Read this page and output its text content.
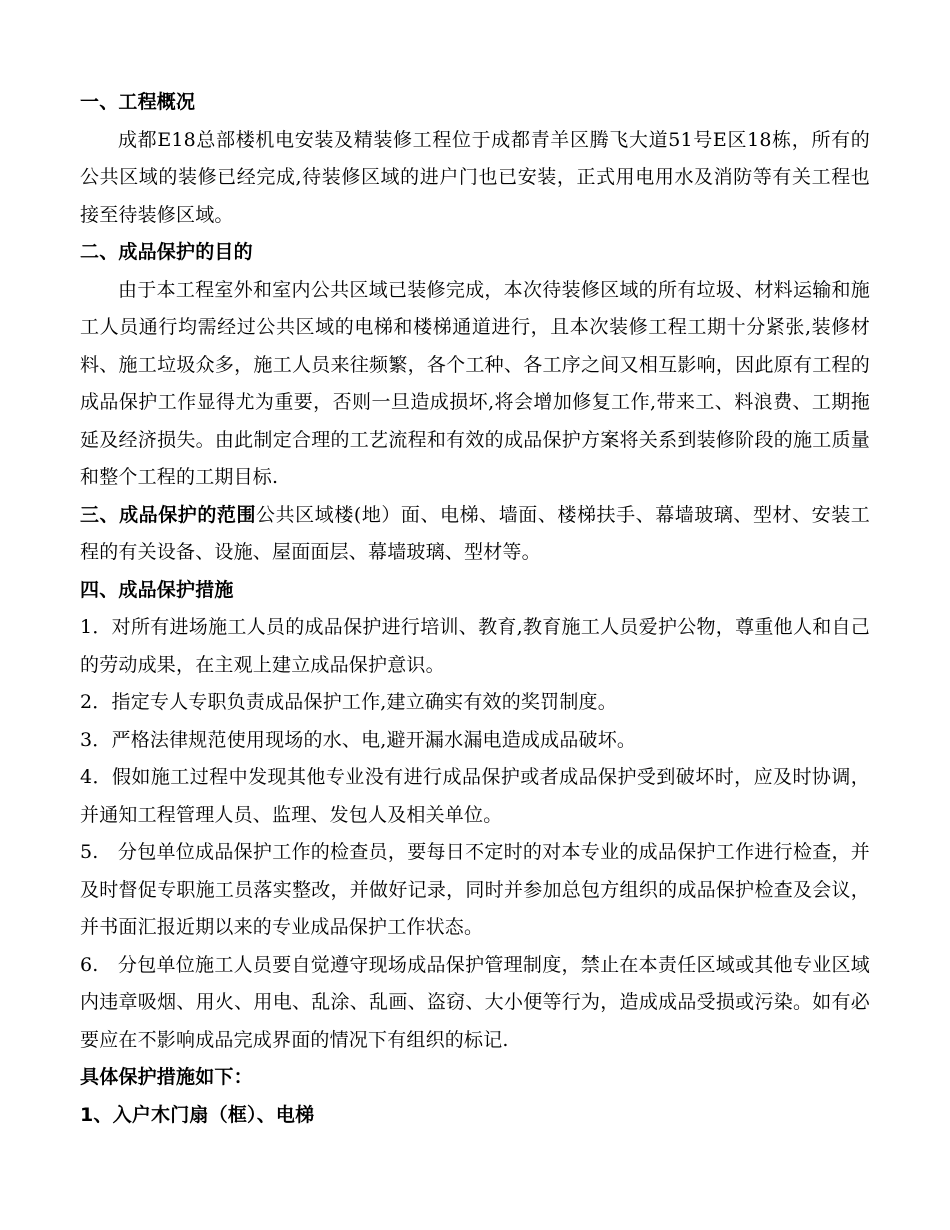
一、工程概况
成都E18总部楼机电安装及精装修工程位于成都青羊区腾飞大道51号E区18栋，所有的公共区域的装修已经完成,待装修区域的进户门也已安装，正式用电用水及消防等有关工程也接至待装修区域。
二、成品保护的目的
由于本工程室外和室内公共区域已装修完成，本次待装修区域的所有垃圾、材料运输和施工人员通行均需经过公共区域的电梯和楼梯通道进行，且本次装修工程工期十分紧张,装修材料、施工垃圾众多，施工人员来往频繁，各个工种、各工序之间又相互影响，因此原有工程的成品保护工作显得尤为重要，否则一旦造成损坏,将会增加修复工作,带来工、料浪费、工期拖延及经济损失。由此制定合理的工艺流程和有效的成品保护方案将关系到装修阶段的施工质量和整个工程的工期目标.
三、成品保护的范围公共区域楼(地）面、电梯、墙面、楼梯扶手、幕墙玻璃、型材、安装工程的有关设备、设施、屋面面层、幕墙玻璃、型材等。
四、成品保护措施
1．对所有进场施工人员的成品保护进行培训、教育,教育施工人员爱护公物，尊重他人和自己的劳动成果，在主观上建立成品保护意识。
2．指定专人专职负责成品保护工作,建立确实有效的奖罚制度。
3．严格法律规范使用现场的水、电,避开漏水漏电造成成品破坏。
4．假如施工过程中发现其他专业没有进行成品保护或者成品保护受到破坏时，应及时协调，并通知工程管理人员、监理、发包人及相关单位。
5.　分包单位成品保护工作的检查员，要每日不定时的对本专业的成品保护工作进行检查，并及时督促专职施工员落实整改，并做好记录，同时并参加总包方组织的成品保护检查及会议，并书面汇报近期以来的专业成品保护工作状态。
6.　分包单位施工人员要自觉遵守现场成品保护管理制度，禁止在本责任区域或其他专业区域内违章吸烟、用火、用电、乱涂、乱画、盗窃、大小便等行为，造成成品受损或污染。如有必要应在不影响成品完成界面的情况下有组织的标记.
具体保护措施如下：
1、入户木门扇（框）、电梯
